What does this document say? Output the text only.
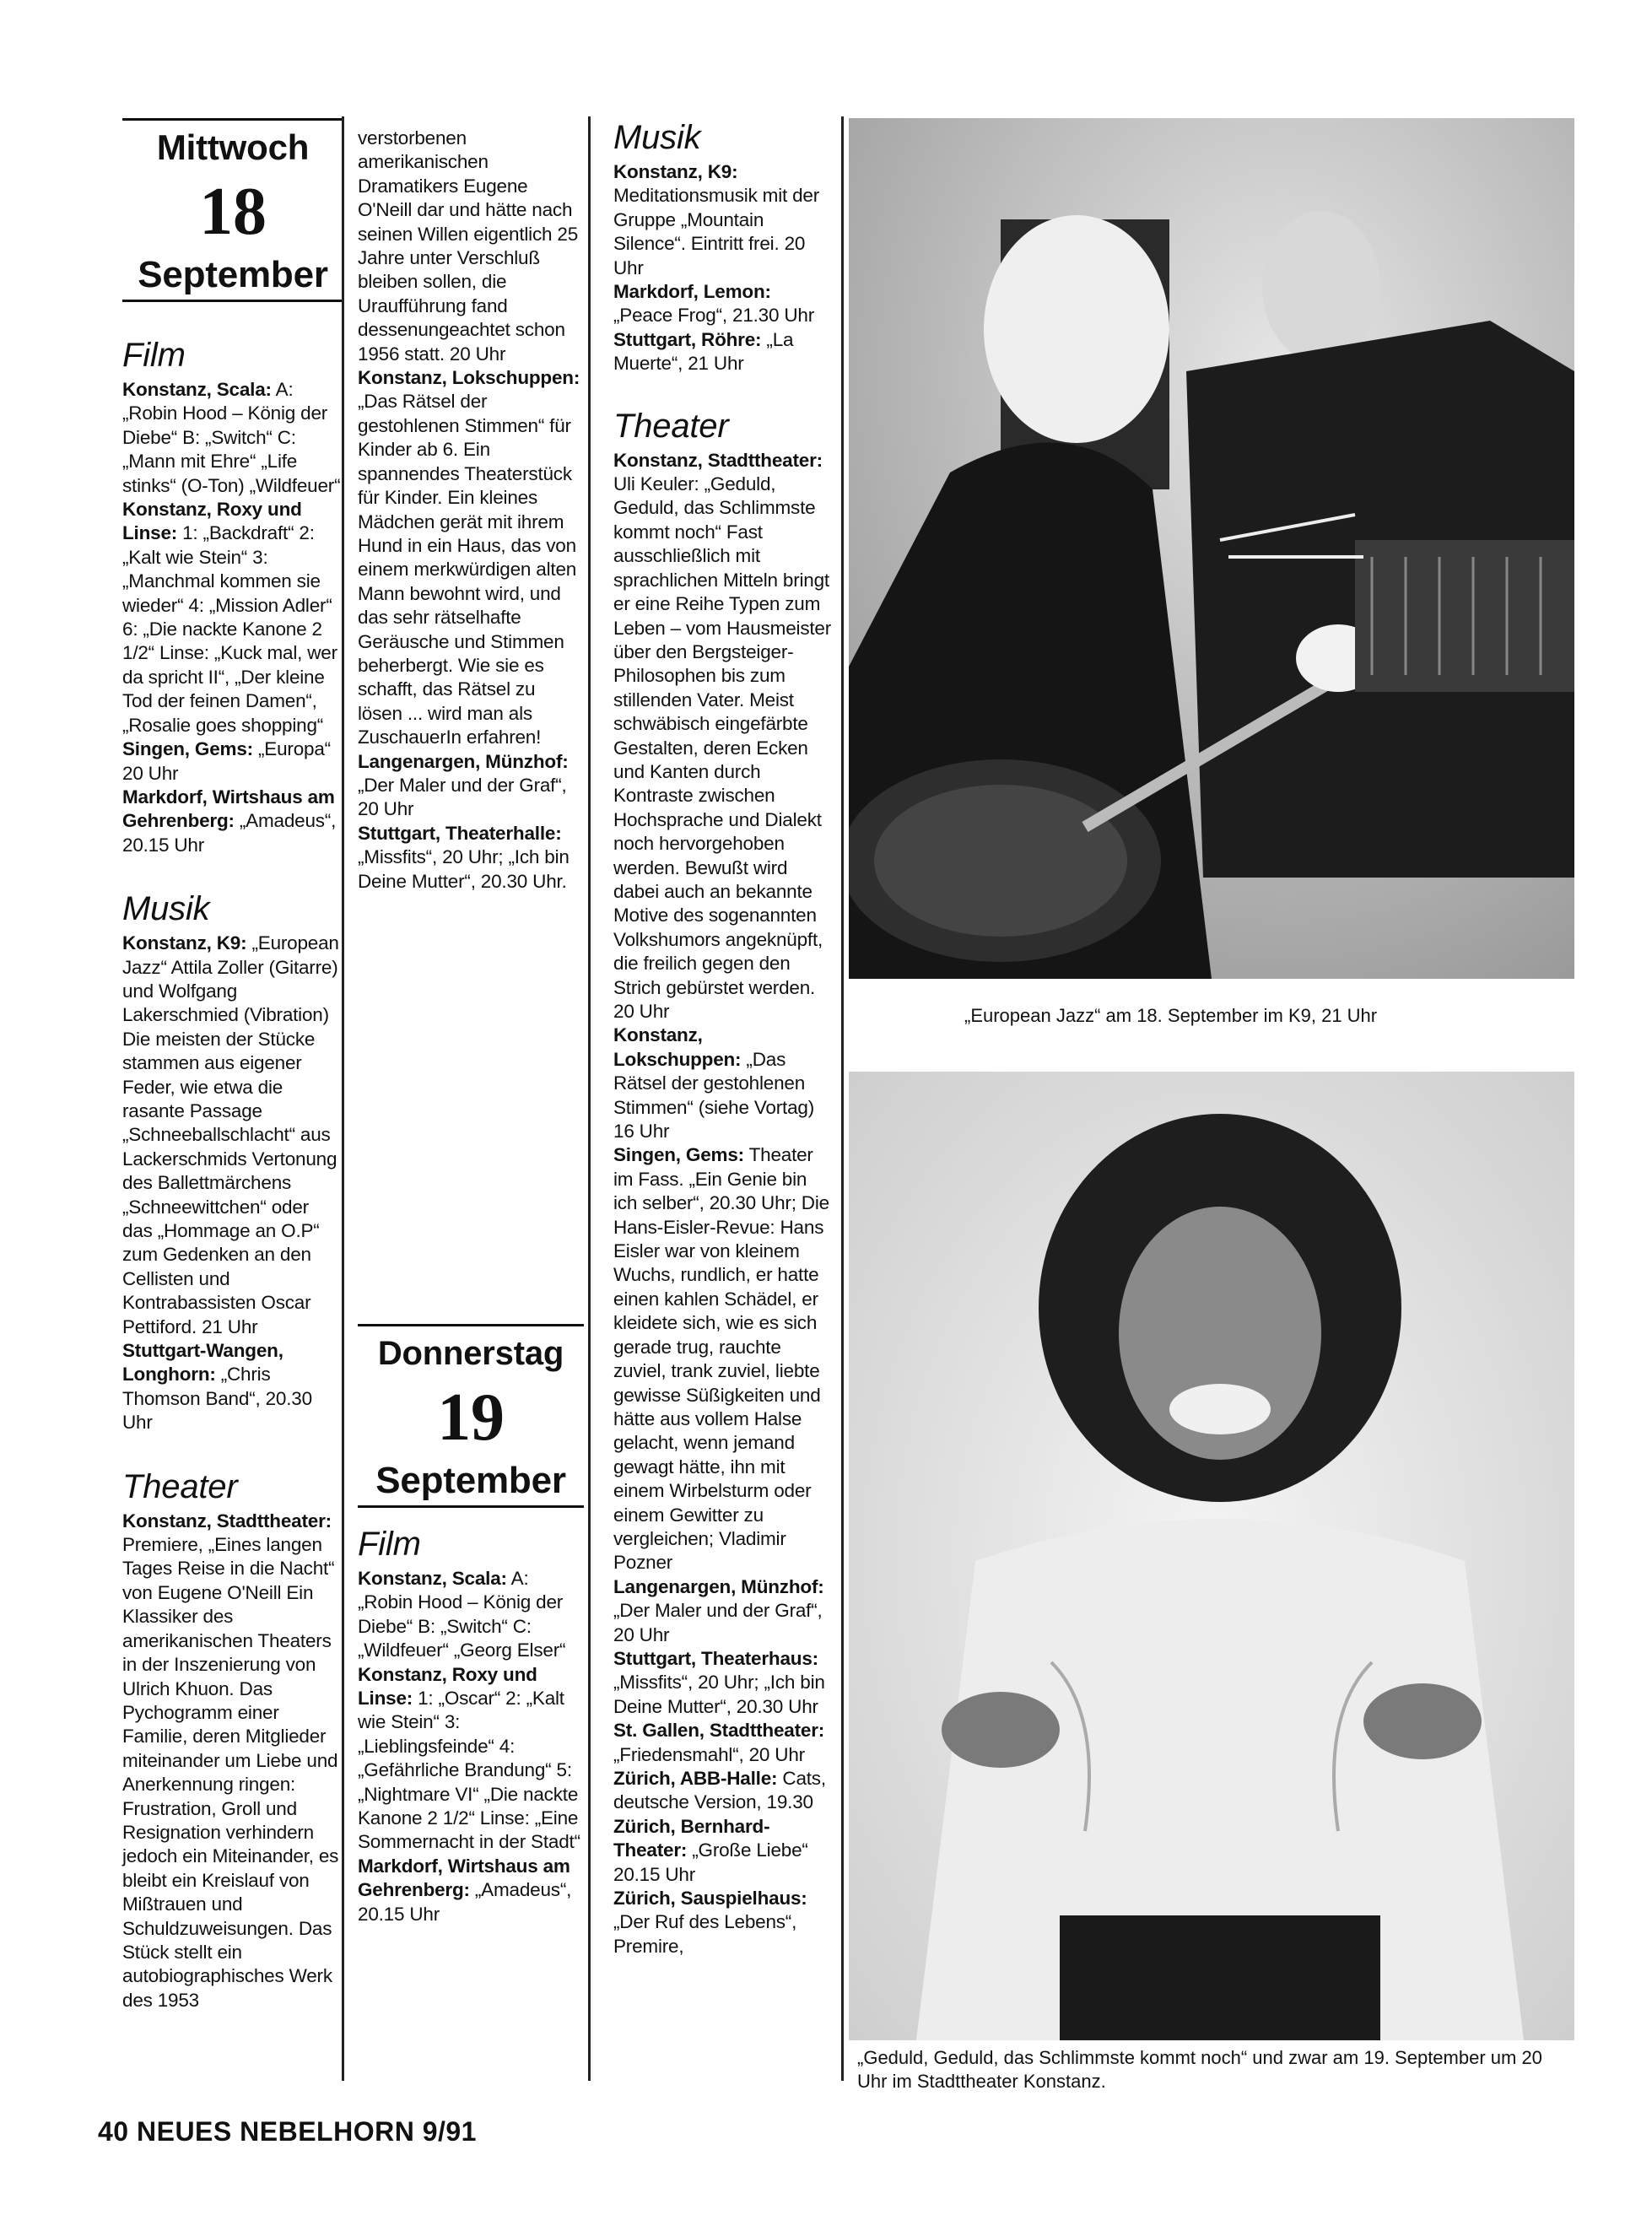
Mittwoch
18
September
Film

Konstanz, Scala: A: „Robin Hood – König der Diebe“ B: „Switch“ C: „Mann mit Ehre“ „Life stinks“ (O-Ton) „Wildfeuer“

Konstanz, Roxy und Linse: 1: „Backdraft“ 2: „Kalt wie Stein“ 3: „Manchmal kommen sie wieder“ 4: „Mission Adler“ 6: „Die nackte Kanone 2 1/2“ Linse: „Kuck mal, wer da spricht II“, „Der kleine Tod der feinen Damen“, „Rosalie goes shopping“

Singen, Gems: „Europa“ 20 Uhr

Markdorf, Wirtshaus am Gehrenberg: „Amadeus“, 20.15 Uhr

Musik

Konstanz, K9: „European Jazz“ Attila Zoller (Gitarre) und Wolfgang Lakerschmied (Vibration) Die meisten der Stücke stammen aus eigener Feder, wie etwa die rasante Passage „Schneeballschlacht“ aus Lackerschmids Vertonung des Ballettmärchens „Schneewittchen“ oder das „Hommage an O.P“ zum Gedenken an den Cellisten und Kontrabassisten Oscar Pettiford. 21 Uhr

Stuttgart-Wangen, Longhorn: „Chris Thomson Band“, 20.30 Uhr

Theater

Konstanz, Stadttheater: Premiere, „Eines langen Tages Reise in die Nacht“ von Eugene O'Neill Ein Klassiker des amerikanischen Theaters in der Inszenierung von Ulrich Khuon. Das Pychogramm einer Familie, deren Mitglieder miteinander um Liebe und Anerkennung ringen: Frustration, Groll und Resignation verhindern jedoch ein Miteinander, es bleibt ein Kreislauf von Mißtrauen und Schuldzuweisungen. Das Stück stellt ein autobiographisches Werk des 1953

verstorbenen amerikanischen Dramatikers Eugene O'Neill dar und hätte nach seinen Willen eigentlich 25 Jahre unter Verschluß bleiben sollen, die Uraufführung fand dessenungeachtet schon 1956 statt. 20 Uhr

Konstanz, Lokschuppen: „Das Rätsel der gestohlenen Stimmen“ für Kinder ab 6. Ein spannendes Theaterstück für Kinder. Ein kleines Mädchen gerät mit ihrem Hund in ein Haus, das von einem merkwürdigen alten Mann bewohnt wird, und das sehr rätselhafte Geräusche und Stimmen beherbergt. Wie sie es schafft, das Rätsel zu lösen ... wird man als ZuschauerIn erfahren!

Langenargen, Münzhof: „Der Maler und der Graf“, 20 Uhr

Stuttgart, Theaterhalle: „Missfits“, 20 Uhr; „Ich bin Deine Mutter“, 20.30 Uhr.

Donnerstag
19
September
Film

Konstanz, Scala: A: „Robin Hood – König der Diebe“ B: „Switch“ C: „Wildfeuer“ „Georg Elser“

Konstanz, Roxy und Linse: 1: „Oscar“ 2: „Kalt wie Stein“ 3: „Lieblingsfeinde“ 4: „Gefährliche Brandung“ 5: „Nightmare VI“ „Die nackte Kanone 2 1/2“ Linse: „Eine Sommernacht in der Stadt“

Markdorf, Wirtshaus am Gehrenberg: „Amadeus“, 20.15 Uhr

Musik

Konstanz, K9: Meditationsmusik mit der Gruppe „Mountain Silence“. Eintritt frei. 20 Uhr

Markdorf, Lemon: „Peace Frog“, 21.30 Uhr

Stuttgart, Röhre: „La Muerte“, 21 Uhr

Theater

Konstanz, Stadttheater: Uli Keuler: „Geduld, Geduld, das Schlimmste kommt noch“ Fast ausschließlich mit sprachlichen Mitteln bringt er eine Reihe Typen zum Leben – vom Hausmeister über den Bergsteiger-Philosophen bis zum stillenden Vater. Meist schwäbisch eingefärbte Gestalten, deren Ecken und Kanten durch Kontraste zwischen Hochsprache und Dialekt noch hervorgehoben werden. Bewußt wird dabei auch an bekannte Motive des sogenannten Volkshumors angeknüpft, die freilich gegen den Strich gebürstet werden. 20 Uhr

Konstanz, Lokschuppen: „Das Rätsel der gestohlenen Stimmen“ (siehe Vortag) 16 Uhr

Singen, Gems: Theater im Fass. „Ein Genie bin ich selber“, 20.30 Uhr; Die Hans-Eisler-Revue: Hans Eisler war von kleinem Wuchs, rundlich, er hatte einen kahlen Schädel, er kleidete sich, wie es sich gerade trug, rauchte zuviel, trank zuviel, liebte gewisse Süßigkeiten und hätte aus vollem Halse gelacht, wenn jemand gewagt hätte, ihn mit einem Wirbelsturm oder einem Gewitter zu vergleichen; Vladimir Pozner

Langenargen, Münzhof: „Der Maler und der Graf“, 20 Uhr

Stuttgart, Theaterhaus: „Missfits“, 20 Uhr; „Ich bin Deine Mutter“, 20.30 Uhr

St. Gallen, Stadttheater: „Friedensmahl“, 20 Uhr

Zürich, ABB-Halle: Cats, deutsche Version, 19.30

Zürich, Bernhard-Theater: „Große Liebe“ 20.15 Uhr

Zürich, Sauspielhaus: „Der Ruf des Lebens“, Premire,

„European Jazz“ am 18. September im K9, 21 Uhr
„Geduld, Geduld, das Schlimmste kommt noch“ und zwar am 19. September um 20 Uhr im Stadttheater Konstanz.
40 NEUES NEBELHORN 9/91
